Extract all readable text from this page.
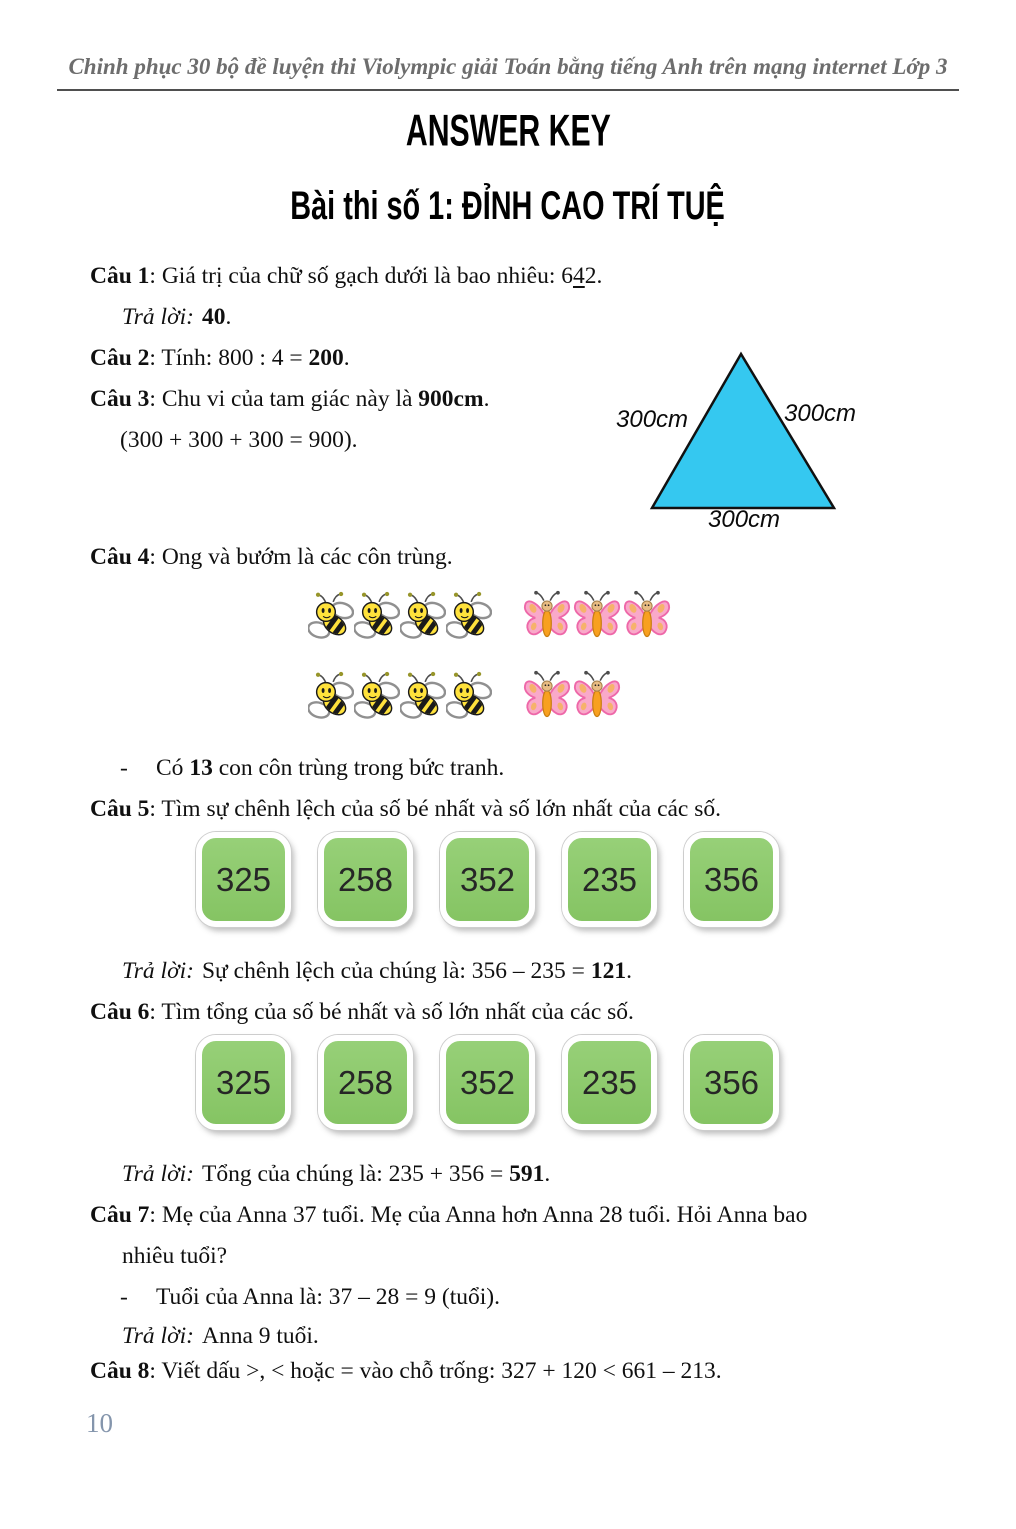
Chinh phục 30 bộ đề luyện thi Violympic giải Toán bằng tiếng Anh trên mạng internet Lớp 3
ANSWER KEY
Bài thi số 1: ĐỈNH CAO TRÍ TUỆ
300cm	300cm
300cm

Câu 1: Giá trị của chữ số gạch dưới là bao nhiêu: 642.

Trả lời: 40.

Câu 2: Tính: 800 : 4 = 200.

Câu 3: Chu vi của tam giác này là 900cm.

(300 + 300 + 300 = 900).

Câu 4: Ong và bướm là các côn trùng.

- Có 13 con côn trùng trong bức tranh.

Câu 5: Tìm sự chênh lệch của số bé nhất và số lớn nhất của các số.

325	258	352	235	356

Trả lời: Sự chênh lệch của chúng là: 356 – 235 = 121.

Câu 6: Tìm tổng của số bé nhất và số lớn nhất của các số.

325	258	352	235	356

Trả lời: Tổng của chúng là: 235 + 356 = 591.

Câu 7: Mẹ của Anna 37 tuổi. Mẹ của Anna hơn Anna 28 tuổi. Hỏi Anna bao
nhiêu tuổi?

- Tuổi của Anna là: 37 – 28 = 9 (tuổi).

Trả lời: Anna 9 tuổi.

Câu 8: Viết dấu >, < hoặc = vào chỗ trống: 327 + 120 < 661 – 213.

10
